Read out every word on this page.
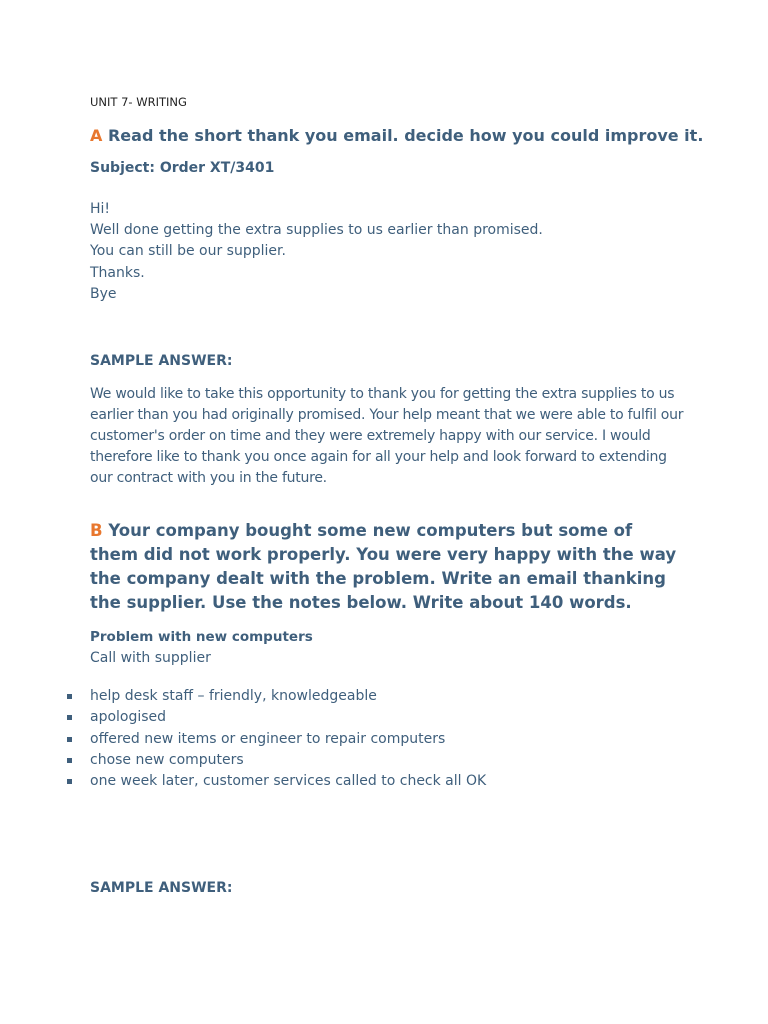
UNIT 7- WRITING

A Read the short thank you email. decide how you could improve it.

Subject: Order XT/3401

Hi!
Well done getting the extra supplies to us earlier than promised.
You can still be our supplier.
Thanks.
Bye

SAMPLE ANSWER:

We would like to take this opportunity to thank you for getting the extra supplies to us earlier than you had originally promised. Your help meant that we were able to fulfil our customer's order on time and they were extremely happy with our service. I would therefore like to thank you once again for all your help and look forward to extending our contract with you in the future.

B Your company bought some new computers but some of them did not work properly. You were very happy with the way the company dealt with the problem. Write an email thanking the supplier. Use the notes below. Write about 140 words.

Problem with new computers

Call with supplier

help desk staff – friendly, knowledgeable
apologised
offered new items or engineer to repair computers
chose new computers
one week later, customer services called to check all OK

SAMPLE ANSWER:
